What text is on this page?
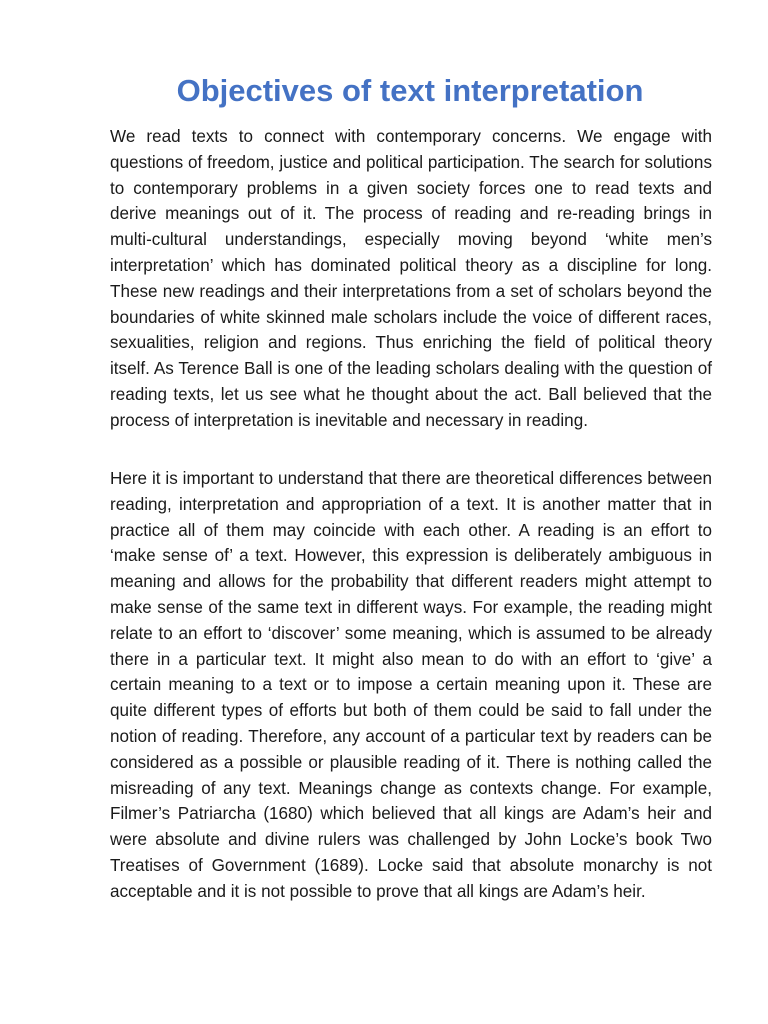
Objectives of text interpretation

We read texts to connect with contemporary concerns. We engage with questions of freedom, justice and political participation. The search for solutions to contemporary problems in a given society forces one to read texts and derive meanings out of it. The process of reading and re-reading brings in multi-cultural understandings, especially moving beyond ‘white men’s interpretation’ which has dominated political theory as a discipline for long. These new readings and their interpretations from a set of scholars beyond the boundaries of white skinned male scholars include the voice of different races, sexualities, religion and regions. Thus enriching the field of political theory itself. As Terence Ball is one of the leading scholars dealing with the question of reading texts, let us see what he thought about the act. Ball believed that the process of interpretation is inevitable and necessary in reading.

Here it is important to understand that there are theoretical differences between reading, interpretation and appropriation of a text. It is another matter that in practice all of them may coincide with each other. A reading is an effort to ‘make sense of’ a text. However, this expression is deliberately ambiguous in meaning and allows for the probability that different readers might attempt to make sense of the same text in different ways. For example, the reading might relate to an effort to ‘discover’ some meaning, which is assumed to be already there in a particular text. It might also mean to do with an effort to ‘give’ a certain meaning to a text or to impose a certain meaning upon it. These are quite different types of efforts but both of them could be said to fall under the notion of reading. Therefore, any account of a particular text by readers can be considered as a possible or plausible reading of it. There is nothing called the misreading of any text. Meanings change as contexts change. For example, Filmer’s Patriarcha (1680) which believed that all kings are Adam’s heir and were absolute and divine rulers was challenged by John Locke’s book Two Treatises of Government (1689). Locke said that absolute monarchy is not acceptable and it is not possible to prove that all kings are Adam’s heir.
